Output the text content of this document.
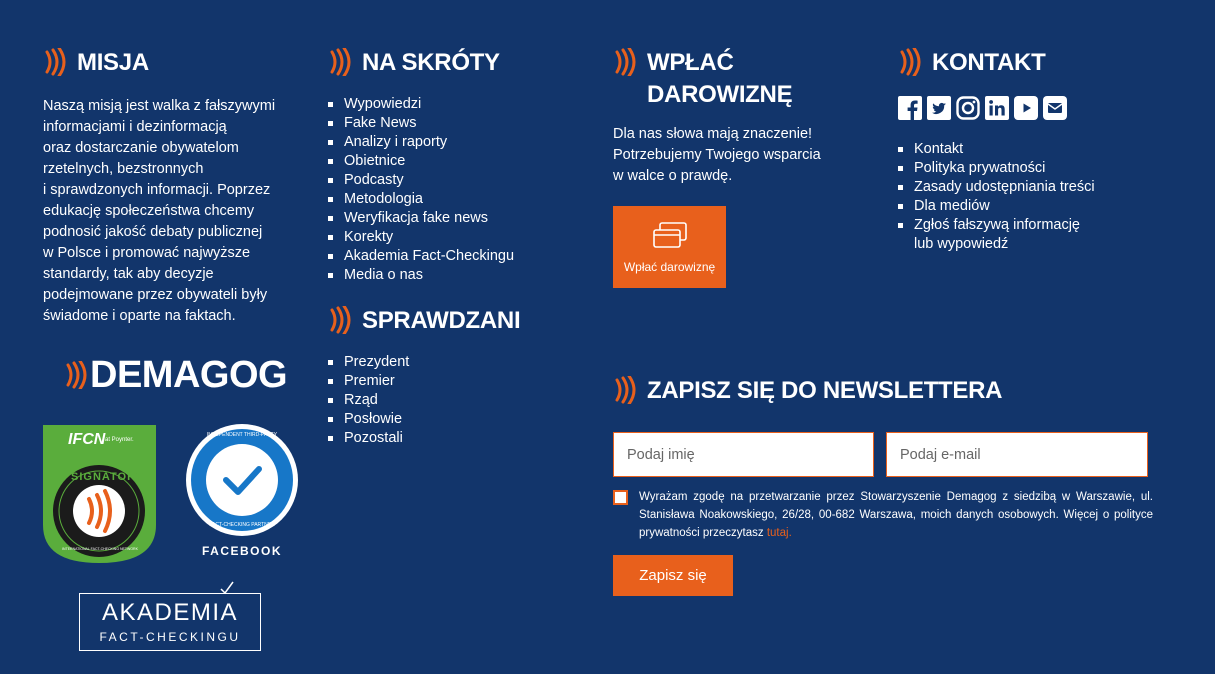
MISJA
Naszą misją jest walka z fałszywymi
informacjami i dezinformacją
oraz dostarczanie obywatelom
rzetelnych, bezstronnych
i sprawdzonych informacji. Poprzez
edukację społeczeństwa chcemy
podnosić jakość debaty publicznej
w Polsce i promować najwyższe
standardy, tak aby decyzje
podejmowane przez obywateli były
świadome i oparte na faktach.
DEMAGOG
IFCN at Poynter.
SIGNATORY
INTERNATIONAL FACT-CHECKING NETWORK
INDEPENDENT THIRD-PARTY
FACT-CHECKING PARTNER
FACEBOOK
AKADEMIA
FACT-CHECKINGU
NA SKRÓTY
Wypowiedzi
Fake News
Analizy i raporty
Obietnice
Podcasty
Metodologia
Weryfikacja fake news
Korekty
Akademia Fact-Checkingu
Media o nas
SPRAWDZANI
Prezydent
Premier
Rząd
Posłowie
Pozostali
WPŁAĆ
DAROWIZNĘ
Dla nas słowa mają znaczenie!
Potrzebujemy Twojego wsparcia
w walce o prawdę.
Wpłać darowiznę
KONTAKT
Kontakt
Polityka prywatności
Zasady udostępniania treści
Dla mediów
Zgłoś fałszywą informację
lub wypowiedź
ZAPISZ SIĘ DO NEWSLETTERA
Podaj imię
Podaj e-mail
Wyrażam zgodę na przetwarzanie przez Stowarzyszenie Demagog z siedzibą w Warszawie, ul. Stanisława Noakowskiego, 26/28, 00-682 Warszawa, moich danych osobowych. Więcej o polityce prywatności przeczytasz tutaj.
Zapisz się
